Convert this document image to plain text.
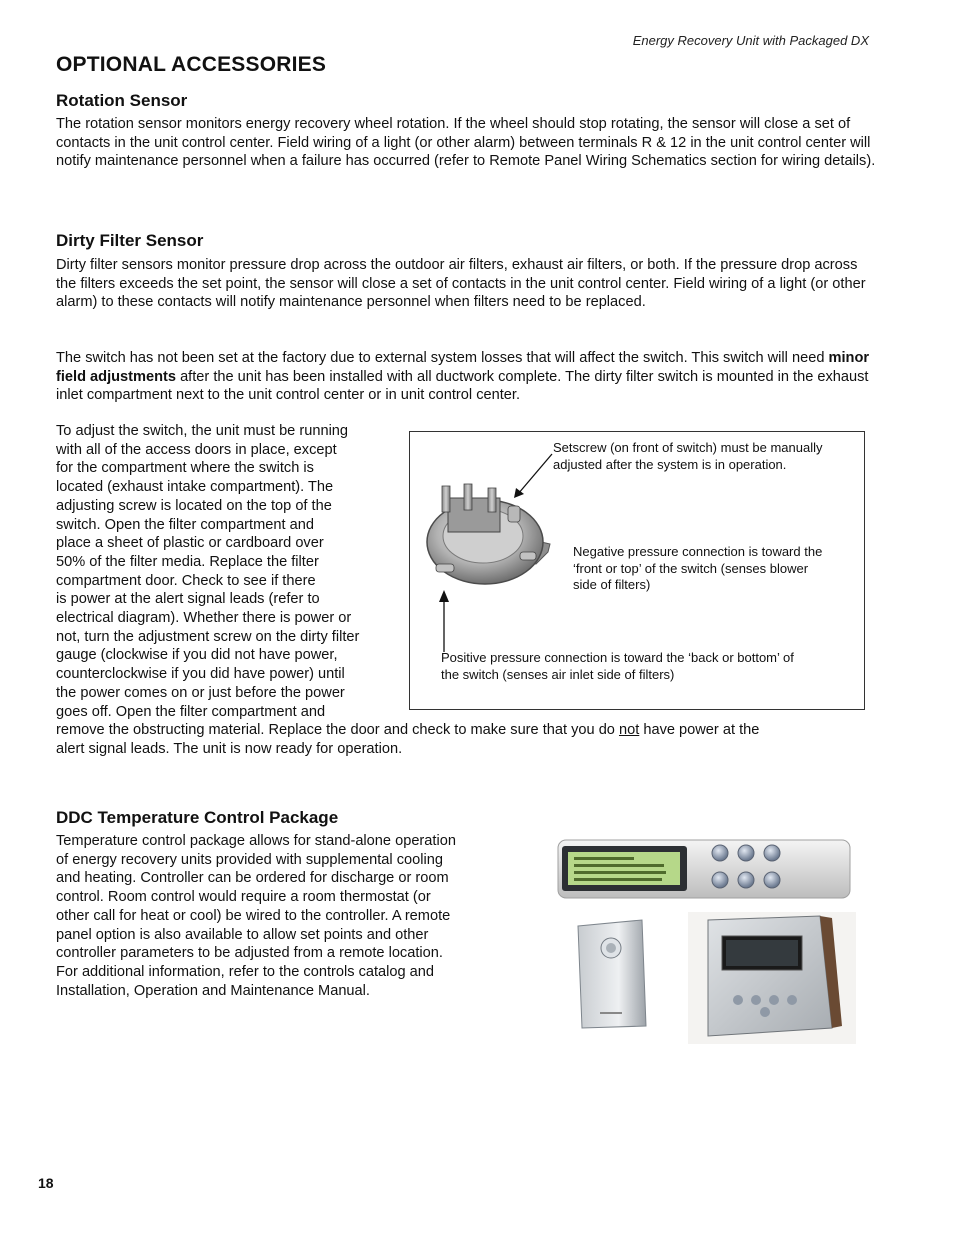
Energy Recovery Unit with Packaged DX
OPTIONAL ACCESSORIES
Rotation Sensor
The rotation sensor monitors energy recovery wheel rotation. If the wheel should stop rotating, the sensor will close a set of contacts in the unit control center. Field wiring of a light (or other alarm) between terminals R & 12 in the unit control center will notify maintenance personnel when a failure has occurred (refer to Remote Panel Wiring Schematics section for wiring details).
Dirty Filter Sensor
Dirty filter sensors monitor pressure drop across the outdoor air filters, exhaust air filters, or both. If the pressure drop across the filters exceeds the set point, the sensor will close a set of contacts in the unit control center. Field wiring of a light (or other alarm) to these contacts will notify maintenance personnel when filters need to be replaced.
The switch has not been set at the factory due to external system losses that will affect the switch. This switch will need minor field adjustments after the unit has been installed with all ductwork complete. The dirty filter switch is mounted in the exhaust inlet compartment next to the unit control center or in unit control center.
To adjust the switch, the unit must be running
with all of the access doors in place, except
for the compartment where the switch is
located (exhaust intake compartment). The
adjusting screw is located on the top of the
switch. Open the filter compartment and
place a sheet of plastic or cardboard over
50% of the filter media. Replace the filter
compartment door. Check to see if there
is power at the alert signal leads (refer to
electrical diagram). Whether there is power or
not, turn the adjustment screw on the dirty filter
gauge (clockwise if you did not have power,
counterclockwise if you did have power) until
the power comes on or just before the power
goes off. Open the filter compartment and
remove the obstructing material. Replace the door and check to make sure that you do not have power at the
alert signal leads. The unit is now ready for operation.
Setscrew (on front of switch) must be manually
adjusted after the system is in operation.
Negative pressure connection is toward the
‘front or top’ of the switch (senses blower
side of filters)
Positive pressure connection is toward the ‘back or bottom’ of
the switch (senses air inlet side of filters)
DDC Temperature Control Package
Temperature control package allows for stand-alone operation
of energy recovery units provided with supplemental cooling
and heating. Controller can be ordered for discharge or room
control. Room control would require a room thermostat (or
other call for heat or cool) be wired to the controller. A remote
panel option is also available to allow set points and other
controller parameters to be adjusted from a remote location.
For additional information, refer to the controls catalog and
Installation, Operation and Maintenance Manual.
18
